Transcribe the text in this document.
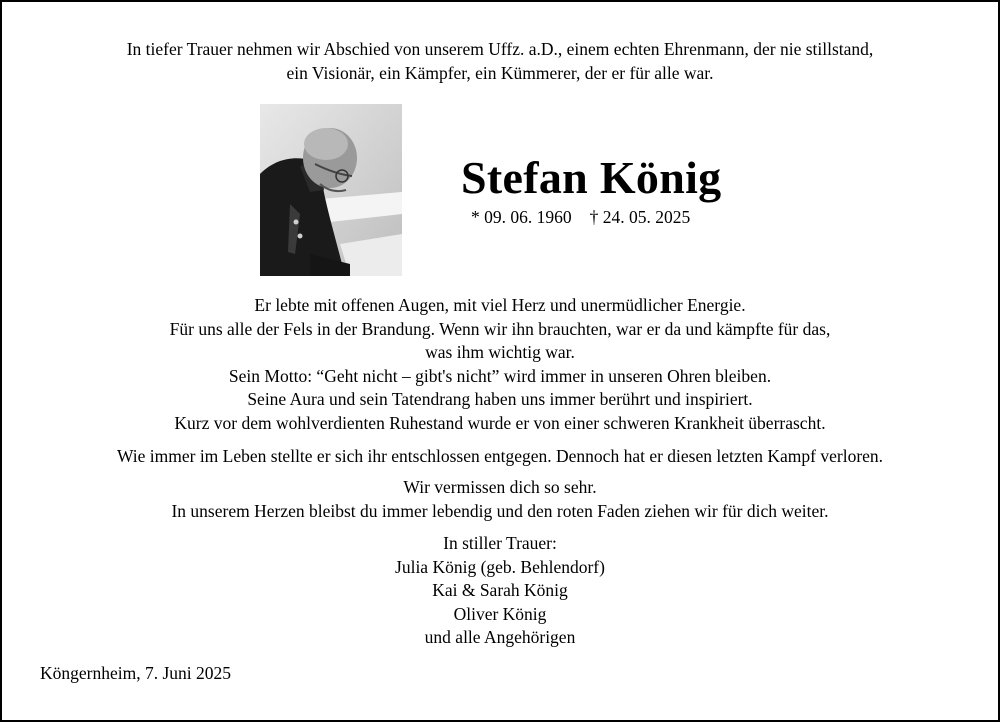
In tiefer Trauer nehmen wir Abschied von unserem Uffz. a.D., einem echten Ehrenmann, der nie stillstand,
ein Visionär, ein Kämpfer, ein Kümmerer, der er für alle war.
Stefan König
* 09. 06. 1960 † 24. 05. 2025
Er lebte mit offenen Augen, mit viel Herz und unermüdlicher Energie.
Für uns alle der Fels in der Brandung. Wenn wir ihn brauchten, war er da und kämpfte für das,
was ihm wichtig war.
Sein Motto: “Geht nicht – gibt's nicht” wird immer in unseren Ohren bleiben.
Seine Aura und sein Tatendrang haben uns immer berührt und inspiriert.
Kurz vor dem wohlverdienten Ruhestand wurde er von einer schweren Krankheit überrascht.
Wie immer im Leben stellte er sich ihr entschlossen entgegen. Dennoch hat er diesen letzten Kampf verloren.
Wir vermissen dich so sehr.
In unserem Herzen bleibst du immer lebendig und den roten Faden ziehen wir für dich weiter.
In stiller Trauer:
Julia König (geb. Behlendorf)
Kai & Sarah König
Oliver König
und alle Angehörigen
Köngernheim, 7. Juni 2025
